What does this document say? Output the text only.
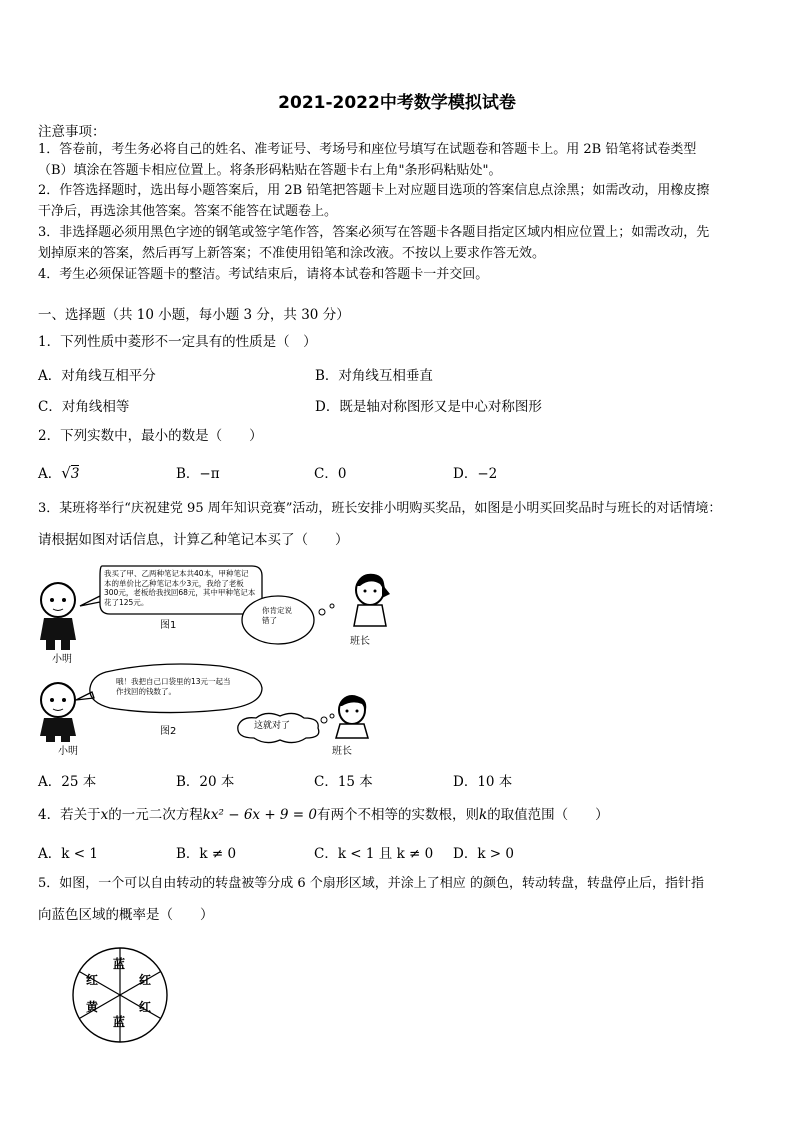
2021-2022中考数学模拟试卷
注意事项：
1．答卷前，考生务必将自己的姓名、准考证号、考场号和座位号填写在试题卷和答题卡上。用 2B 铅笔将试卷类型
（B）填涂在答题卡相应位置上。将条形码粘贴在答题卡右上角"条形码粘贴处"。
2．作答选择题时，选出每小题答案后，用 2B 铅笔把答题卡上对应题目选项的答案信息点涂黑；如需改动，用橡皮擦
干净后，再选涂其他答案。答案不能答在试题卷上。
3．非选择题必须用黑色字迹的钢笔或签字笔作答，答案必须写在答题卡各题目指定区域内相应位置上；如需改动，先
划掉原来的答案，然后再写上新答案；不准使用铅笔和涂改液。不按以上要求作答无效。
4．考生必须保证答题卡的整洁。考试结束后，请将本试卷和答题卡一并交回。
一、选择题（共 10 小题，每小题 3 分，共 30 分）
1．下列性质中菱形不一定具有的性质是（　）
A．对角线互相平分	B．对角线互相垂直
C．对角线相等	D．既是轴对称图形又是中心对称图形
2．下列实数中，最小的数是（　　）
A．√3	B．−π	C．0	D．−2
3．某班将举行“庆祝建党 95 周年知识竞赛”活动，班长安排小明购买奖品，如图是小明买回奖品时与班长的对话情境：
请根据如图对话信息，计算乙种笔记本买了（　　）
我买了甲、乙两种笔记本共40本，甲种笔记本的单价比乙种笔记本少3元，我给了老板300元，老板给我找回68元，其中甲种笔记本花了125元。
你肯定说错了
图1
小明
班长
哦！我把自己口袋里的13元一起当作找回的钱数了。
这就对了
图2
小明	班长
A．25 本	B．20 本	C．15 本	D．10 本
4．若关于x的一元二次方程kx² − 6x + 9 = 0有两个不相等的实数根，则k的取值范围（　　）
A．k < 1	B．k ≠ 0	C．k < 1 且 k ≠ 0 D．k > 0
5．如图，一个可以自由转动的转盘被等分成 6 个扇形区域，并涂上了相应 的颜色，转动转盘，转盘停止后，指针指
向蓝色区域的概率是（　　）
蓝
红
红
蓝
黄
红
